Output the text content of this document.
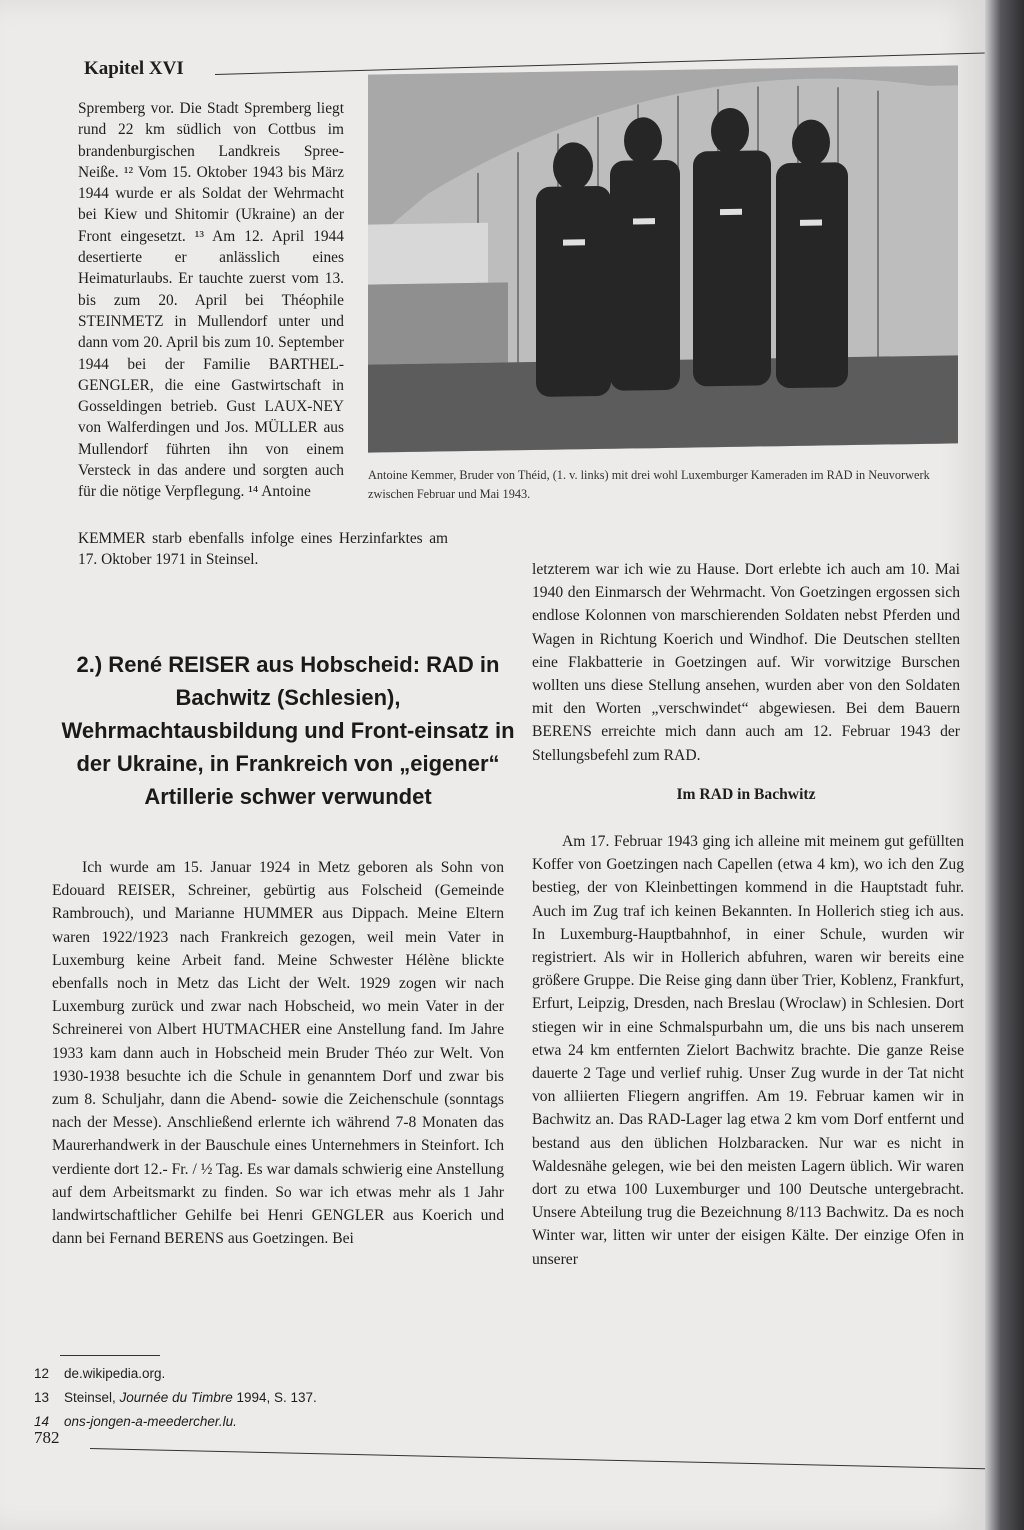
Kapitel XVI

Spremberg vor. Die Stadt Spremberg liegt rund 22 km südlich von Cottbus im brandenburgischen Landkreis Spree-Neiße. ¹² Vom 15. Oktober 1943 bis März 1944 wurde er als Soldat der Wehrmacht bei Kiew und Shitomir (Ukraine) an der Front eingesetzt. ¹³ Am 12. April 1944 desertierte er anlässlich eines Heimaturlaubs. Er tauchte zuerst vom 13. bis zum 20. April bei Théophile STEINMETZ in Mullendorf unter und dann vom 20. April bis zum 10. September 1944 bei der Familie BARTHEL-GENGLER, die eine Gastwirtschaft in Gosseldingen betrieb. Gust LAUX-NEY von Walferdingen und Jos. MÜLLER aus Mullendorf führten ihn von einem Versteck in das andere und sorgten auch für die nötige Verpflegung. ¹⁴ Antoine

Antoine Kemmer, Bruder von Théid, (1. v. links) mit drei wohl Luxemburger Kameraden im RAD in Neuvorwerk zwischen Februar und Mai 1943.

KEMMER starb ebenfalls infolge eines Herzinfarktes am 17. Oktober 1971 in Steinsel.

2.) René REISER aus Hobscheid: RAD in Bachwitz (Schlesien), Wehrmachtausbildung und Front-einsatz in der Ukraine, in Frankreich von „eigener“ Artillerie schwer verwundet

Ich wurde am 15. Januar 1924 in Metz geboren als Sohn von Edouard REISER, Schreiner, gebürtig aus Folscheid (Gemeinde Rambrouch), und Marianne HUMMER aus Dippach. Meine Eltern waren 1922/1923 nach Frankreich gezogen, weil mein Vater in Luxemburg keine Arbeit fand. Meine Schwester Hélène blickte ebenfalls noch in Metz das Licht der Welt. 1929 zogen wir nach Luxemburg zurück und zwar nach Hobscheid, wo mein Vater in der Schreinerei von Albert HUTMACHER eine Anstellung fand. Im Jahre 1933 kam dann auch in Hobscheid mein Bruder Théo zur Welt. Von 1930-1938 besuchte ich die Schule in genanntem Dorf und zwar bis zum 8. Schuljahr, dann die Abend- sowie die Zeichenschule (sonntags nach der Messe). Anschließend erlernte ich während 7-8 Monaten das Maurerhandwerk in der Bauschule eines Unternehmers in Steinfort. Ich verdiente dort 12.- Fr. / ½ Tag. Es war damals schwierig eine Anstellung auf dem Arbeitsmarkt zu finden. So war ich etwas mehr als 1 Jahr landwirtschaftlicher Gehilfe bei Henri GENGLER aus Koerich und dann bei Fernand BERENS aus Goetzingen. Bei

letzterem war ich wie zu Hause. Dort erlebte ich auch am 10. Mai 1940 den Einmarsch der Wehrmacht. Von Goetzingen ergossen sich endlose Kolonnen von marschierenden Soldaten nebst Pferden und Wagen in Richtung Koerich und Windhof. Die Deutschen stellten eine Flakbatterie in Goetzingen auf. Wir vorwitzige Burschen wollten uns diese Stellung ansehen, wurden aber von den Soldaten mit den Worten „verschwindet“ abgewiesen. Bei dem Bauern BERENS erreichte mich dann auch am 12. Februar 1943 der Stellungsbefehl zum RAD.

Im RAD in Bachwitz

Am 17. Februar 1943 ging ich alleine mit meinem gut gefüllten Koffer von Goetzingen nach Capellen (etwa 4 km), wo ich den Zug bestieg, der von Kleinbettingen kommend in die Hauptstadt fuhr. Auch im Zug traf ich keinen Bekannten. In Hollerich stieg ich aus. In Luxemburg-Hauptbahnhof, in einer Schule, wurden wir registriert. Als wir in Hollerich abfuhren, waren wir bereits eine größere Gruppe. Die Reise ging dann über Trier, Koblenz, Frankfurt, Erfurt, Leipzig, Dresden, nach Breslau (Wroclaw) in Schlesien. Dort stiegen wir in eine Schmalspurbahn um, die uns bis nach unserem etwa 24 km entfernten Zielort Bachwitz brachte. Die ganze Reise dauerte 2 Tage und verlief ruhig. Unser Zug wurde in der Tat nicht von alliierten Fliegern angriffen. Am 19. Februar kamen wir in Bachwitz an. Das RAD-Lager lag etwa 2 km vom Dorf entfernt und bestand aus den üblichen Holzbaracken. Nur war es nicht in Waldesnähe gelegen, wie bei den meisten Lagern üblich. Wir waren dort zu etwa 100 Luxemburger und 100 Deutsche untergebracht. Unsere Abteilung trug die Bezeichnung 8/113 Bachwitz. Da es noch Winter war, litten wir unter der eisigen Kälte. Der einzige Ofen in unserer

12	de.wikipedia.org.
13	Steinsel, Journée du Timbre 1994, S. 137.
14	ons-jongen-a-meedercher.lu.
782
